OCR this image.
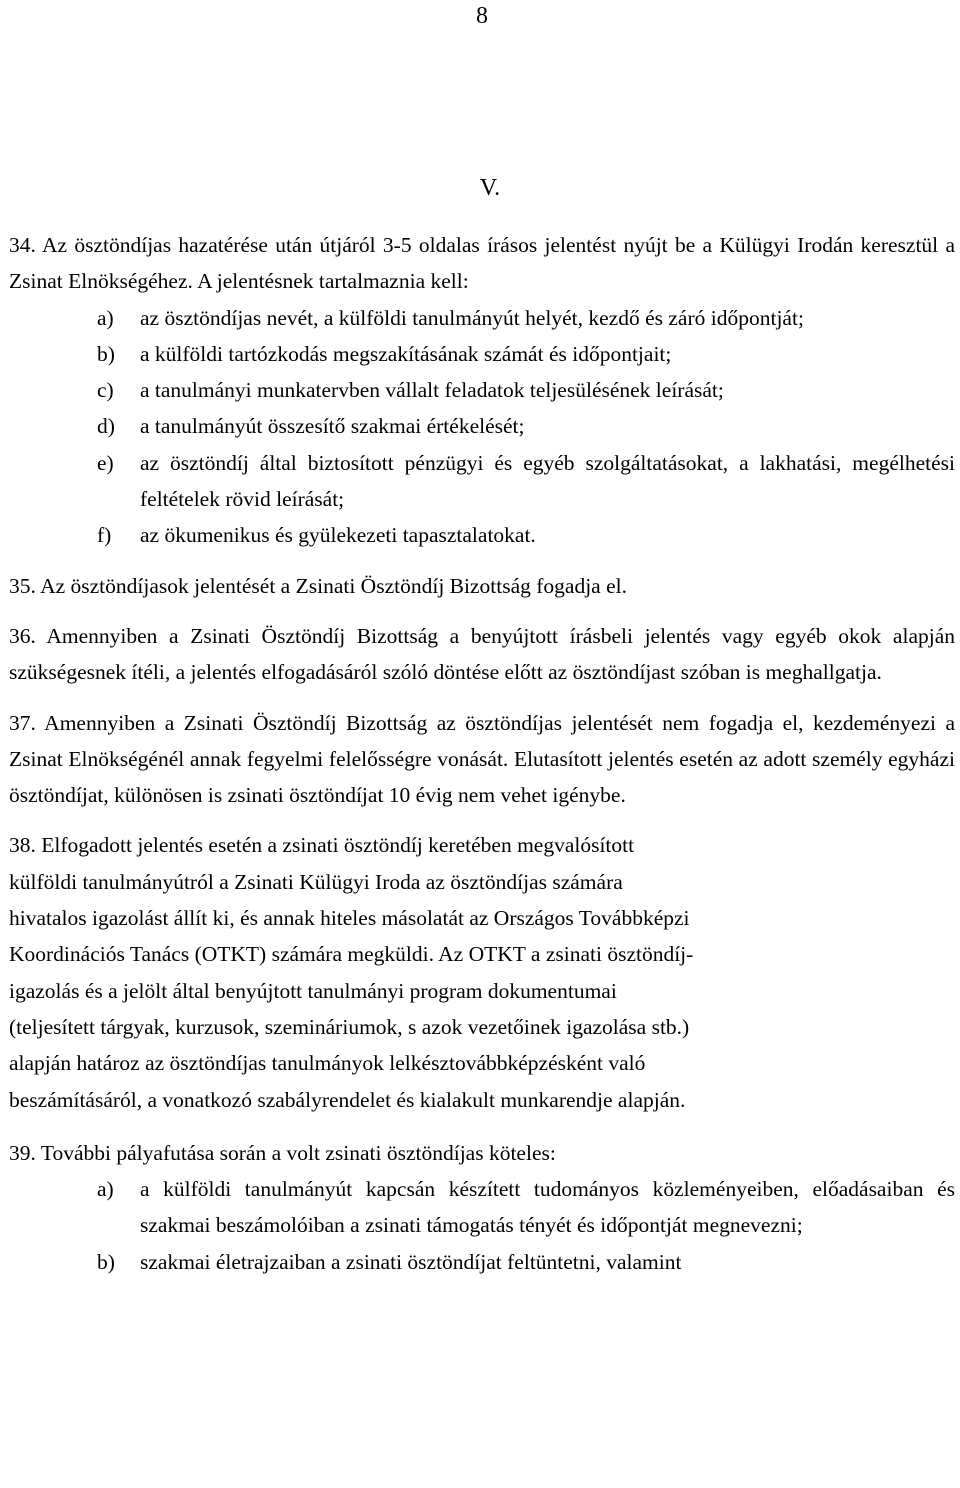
8
V.

34. Az ösztöndíjas hazatérése után útjáról 3-5 oldalas írásos jelentést nyújt be a Külügyi Irodán keresztül a Zsinat Elnökségéhez. A jelentésnek tartalmaznia kell:

a) az ösztöndíjas nevét, a külföldi tanulmányút helyét, kezdő és záró időpontját;
b) a külföldi tartózkodás megszakításának számát és időpontjait;
c) a tanulmányi munkatervben vállalt feladatok teljesülésének leírását;
d) a tanulmányút összesítő szakmai értékelését;
e) az ösztöndíj által biztosított pénzügyi és egyéb szolgáltatásokat, a lakhatási, megélhetési feltételek rövid leírását;
f) az ökumenikus és gyülekezeti tapasztalatokat.

35. Az ösztöndíjasok jelentését a Zsinati Ösztöndíj Bizottság fogadja el.

36. Amennyiben a Zsinati Ösztöndíj Bizottság a benyújtott írásbeli jelentés vagy egyéb okok alapján szükségesnek ítéli, a jelentés elfogadásáról szóló döntése előtt az ösztöndíjast szóban is meghallgatja.

37. Amennyiben a Zsinati Ösztöndíj Bizottság az ösztöndíjas jelentését nem fogadja el, kezdeményezi a Zsinat Elnökségénél annak fegyelmi felelősségre vonását. Elutasított jelentés esetén az adott személy egyházi ösztöndíjat, különösen is zsinati ösztöndíjat 10 évig nem vehet igénybe.

38. Elfogadott jelentés esetén a zsinati ösztöndíj keretében megvalósított
külföldi tanulmányútról a Zsinati Külügyi Iroda az ösztöndíjas számára
hivatalos igazolást állít ki, és annak hiteles másolatát az Országos Továbbképzi
Koordinációs Tanács (OTKT) számára megküldi. Az OTKT a zsinati ösztöndíj-
igazolás és a jelölt által benyújtott tanulmányi program dokumentumai
(teljesített tárgyak, kurzusok, szemináriumok, s azok vezetőinek igazolása stb.)
alapján határoz az ösztöndíjas tanulmányok lelkésztovábbképzésként való
beszámításáról, a vonatkozó szabályrendelet és kialakult munkarendje alapján.

39. További pályafutása során a volt zsinati ösztöndíjas köteles:

a) a külföldi tanulmányút kapcsán készített tudományos közleményeiben, előadásaiban és szakmai beszámolóiban a zsinati támogatás tényét és időpontját megnevezni;
b) szakmai életrajzaiban a zsinati ösztöndíjat feltüntetni, valamint
